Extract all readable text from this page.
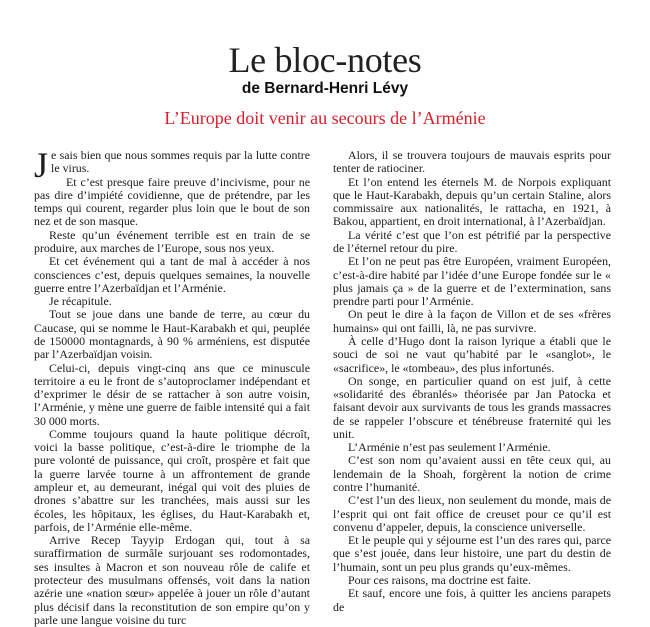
Le bloc-notes
de Bernard-Henri Lévy
L’Europe doit venir au secours de l’Arménie

Je sais bien que nous sommes requis par la lutte contre le virus.

Et c’est presque faire preuve d’incivisme, pour ne pas dire d’impiété covidienne, que de prétendre, par les temps qui courent, regarder plus loin que le bout de son nez et de son masque.

Reste qu’un événement terrible est en train de se produire, aux marches de l’Europe, sous nos yeux.

Et cet événement qui a tant de mal à accéder à nos consciences c’est, depuis quelques semaines, la nouvelle guerre entre l’Azerbaïdjan et l’Arménie.

Je récapitule.

Tout se joue dans une bande de terre, au cœur du Caucase, qui se nomme le Haut-Karabakh et qui, peuplée de 150000 montagnards, à 90 % arméniens, est disputée par l’Azerbaïdjan voisin.

Celui-ci, depuis vingt-cinq ans que ce minuscule territoire a eu le front de s’autoproclamer indépendant et d’exprimer le désir de se rattacher à son autre voisin, l’Arménie, y mène une guerre de faible intensité qui a fait 30 000 morts.

Comme toujours quand la haute politique décroît, voici la basse politique, c’est-à-dire le triomphe de la pure volonté de puissance, qui croît, prospère et fait que la guerre larvée tourne à un affrontement de grande ampleur et, au demeurant, inégal qui voit des pluies de drones s’abattre sur les tranchées, mais aussi sur les écoles, les hôpitaux, les églises, du Haut-Karabakh et, parfois, de l’Arménie elle-même.

Arrive Recep Tayyip Erdogan qui, tout à sa suraffirmation de surmâle surjouant ses rodomontades, ses insultes à Macron et son nouveau rôle de calife et protecteur des musulmans offensés, voit dans la nation azérie une «nation sœur» appelée à jouer un rôle d’autant plus décisif dans la reconstitution de son empire qu’on y parle une langue voisine du turc

Alors, il se trouvera toujours de mauvais esprits pour tenter de ratiociner.

Et l’on entend les éternels M. de Norpois expliquant que le Haut-Karabakh, depuis qu’un certain Staline, alors commissaire aux nationalités, le rattacha, en 1921, à Bakou, appartient, en droit international, à l’Azerbaïdjan.

La vérité c’est que l’on est pétrifié par la perspective de l’éternel retour du pire.

Et l’on ne peut pas être Européen, vraiment Européen, c’est-à-dire habité par l’idée d’une Europe fondée sur le « plus jamais ça » de la guerre et de l’extermination, sans prendre parti pour l’Arménie.

On peut le dire à la façon de Villon et de ses «frères humains» qui ont failli, là, ne pas survivre.

À celle d’Hugo dont la raison lyrique a établi que le souci de soi ne vaut qu’habité par le «sanglot», le «sacrifice», le «tombeau», des plus infortunés.

On songe, en particulier quand on est juif, à cette «solidarité des ébranlés» théorisée par Jan Patocka et faisant devoir aux survivants de tous les grands massacres de se rappeler l’obscure et ténébreuse fraternité qui les unit.

L’Arménie n’est pas seulement l’Arménie.

C’est son nom qu’avaient aussi en tête ceux qui, au lendemain de la Shoah, forgèrent la notion de crime contre l’humanité.

C’est l’un des lieux, non seulement du monde, mais de l’esprit qui ont fait office de creuset pour ce qu’il est convenu d’appeler, depuis, la conscience universelle.

Et le peuple qui y séjourne est l’un des rares qui, parce que s’est jouée, dans leur histoire, une part du destin de l’humain, sont un peu plus grands qu’eux-mêmes.

Pour ces raisons, ma doctrine est faite.

Et sauf, encore une fois, à quitter les anciens parapets de
